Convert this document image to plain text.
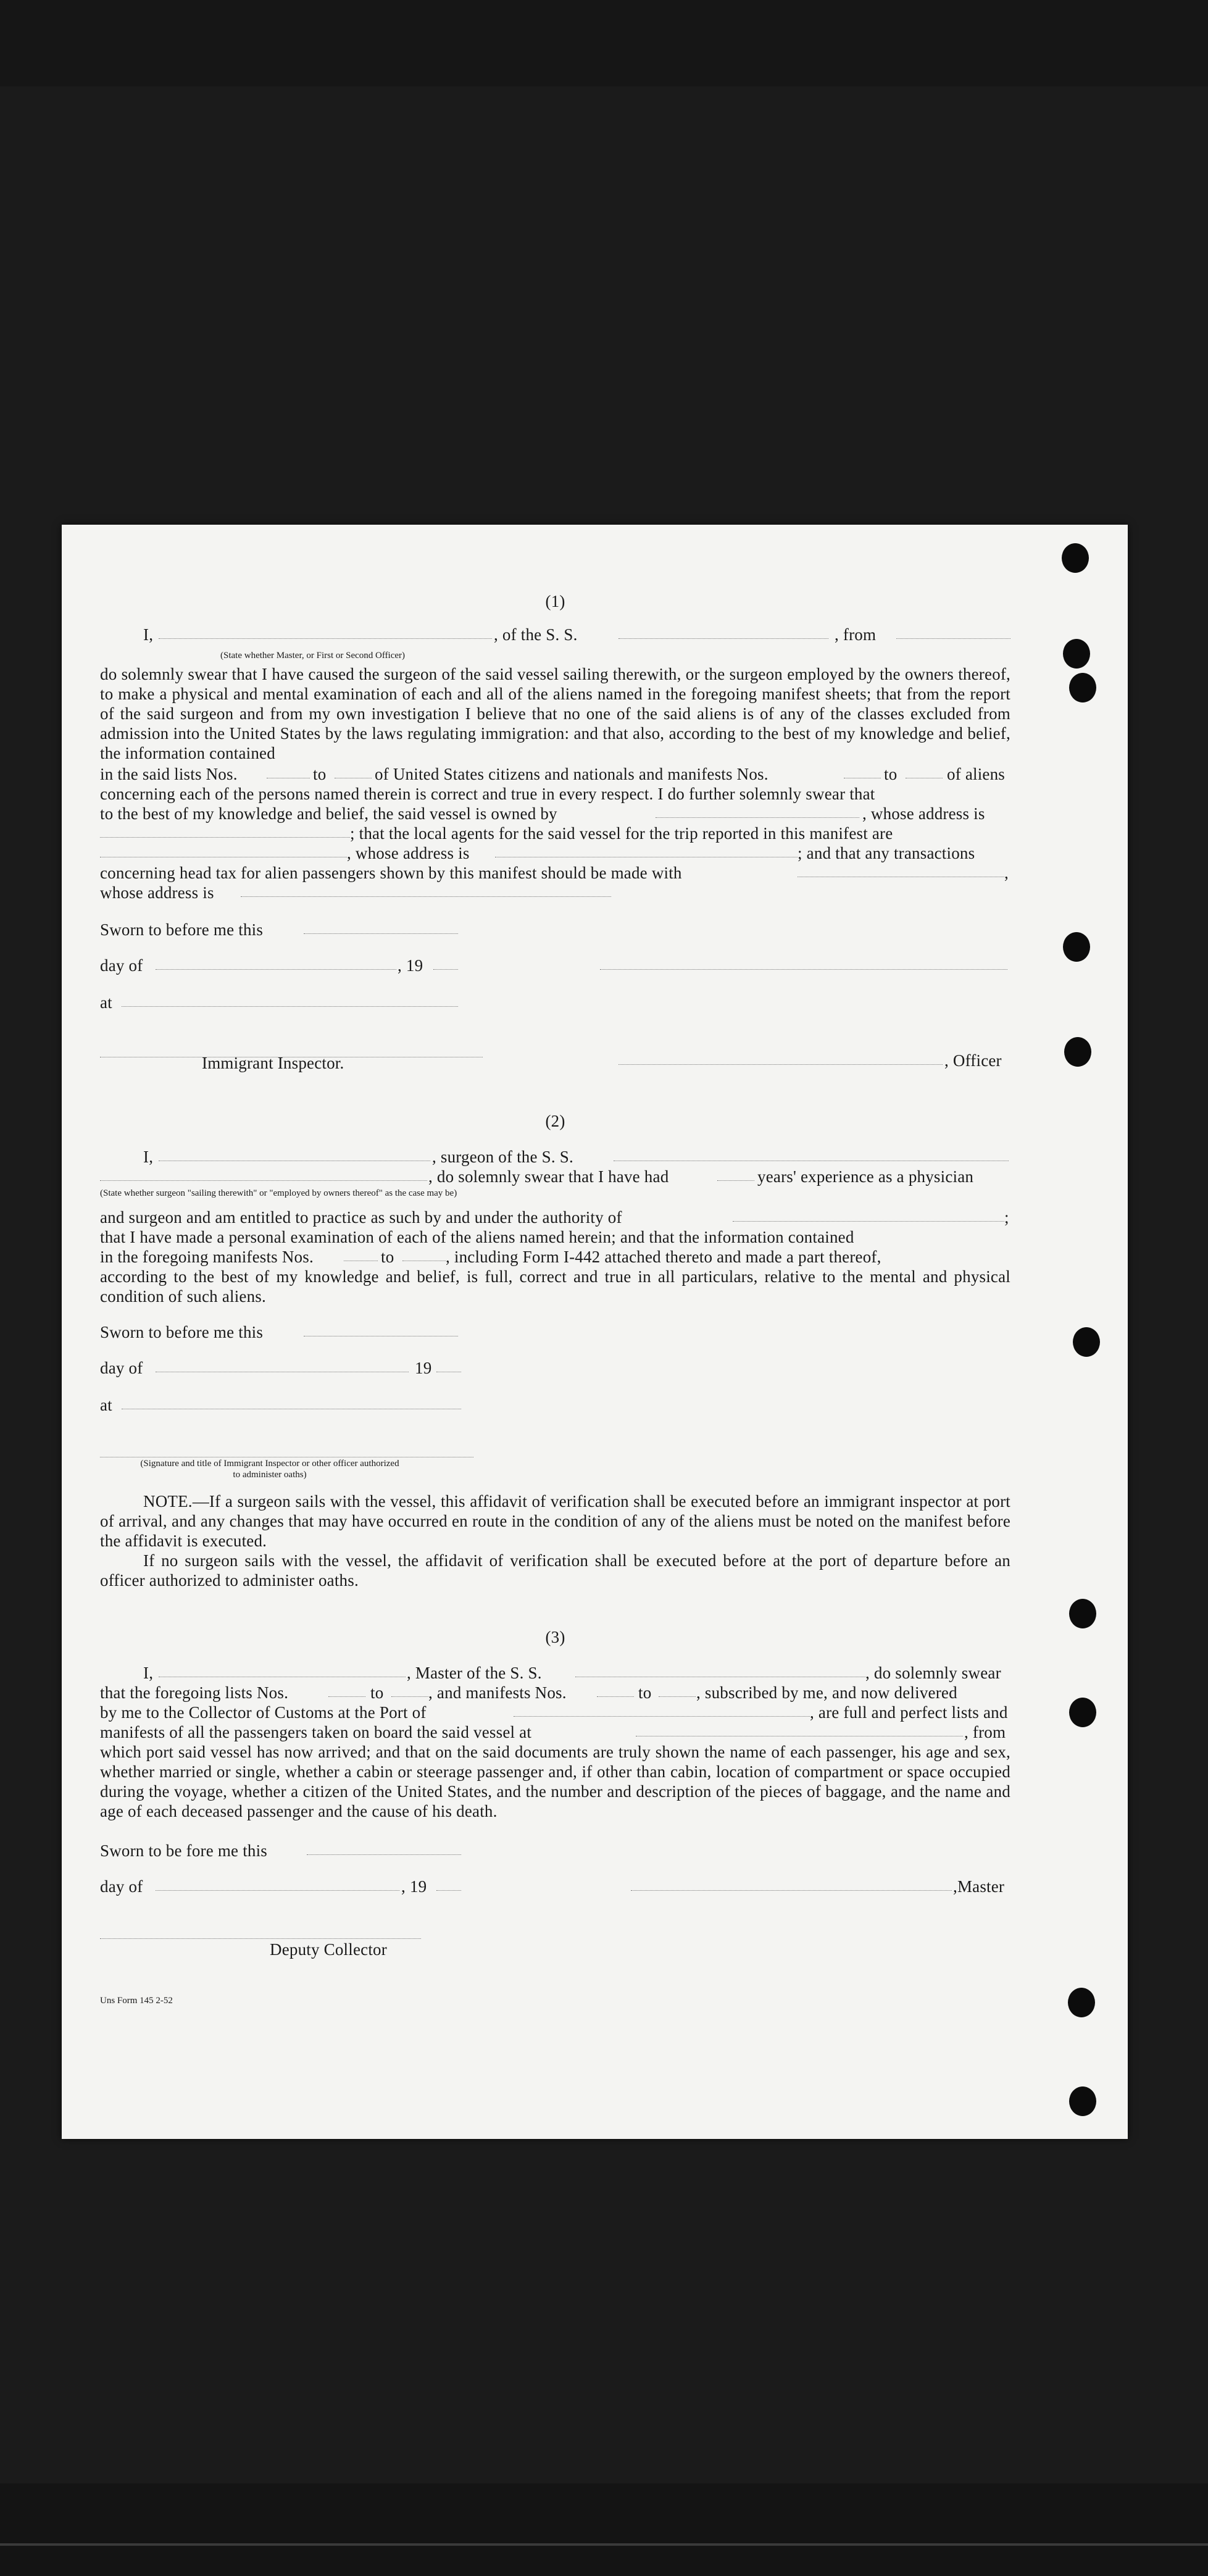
(1)
I,	, of the S. S.	, from
(State whether Master, or First or Second Officer)
do solemnly swear that I have caused the surgeon of the said vessel sailing therewith, or the surgeon employed by the owners thereof, to make a physical and mental examination of each and all of the aliens named in the foregoing manifest sheets; that from the report of the said surgeon and from my own investigation I believe that no one of the said aliens is of any of the classes excluded from admission into the United States by the laws regulating immigration: and that also, according to the best of my knowledge and belief, the information contained
in the said lists Nos.	to	of United States citizens and nationals and manifests Nos.	to	of aliens
concerning each of the persons named therein is correct and true in every respect. I do further solemnly swear that
to the best of my knowledge and belief, the said vessel is owned by	, whose address is
; that the local agents for the said vessel for the trip reported in this manifest are
, whose address is	; and that any transactions
concerning head tax for alien passengers shown by this manifest should be made with	,
whose address is
Sworn to before me this
day of	, 19
at
Immigrant Inspector.	, Officer
(2)
I,	, surgeon of the S. S.
, do solemnly swear that I have had	years' experience as a physician
(State whether surgeon "sailing therewith" or "employed by owners thereof" as the case may be)
and surgeon and am entitled to practice as such by and under the authority of	;
that I have made a personal examination of each of the aliens named herein; and that the information contained
in the foregoing manifests Nos.	to	, including Form I-442 attached thereto and made a part thereof,
according to the best of my knowledge and belief, is full, correct and true in all particulars, relative to the mental and physical condition of such aliens.
Sworn to before me this
day of	19
at
(Signature and title of Immigrant Inspector or other officer authorized to administer oaths)
NOTE.—If a surgeon sails with the vessel, this affidavit of verification shall be executed before an immigrant inspector at port of arrival, and any changes that may have occurred en route in the condition of any of the aliens must be noted on the manifest before the affidavit is executed.
If no surgeon sails with the vessel, the affidavit of verification shall be executed before at the port of departure before an officer authorized to administer oaths.
(3)
I,	, Master of the S. S.	, do solemnly swear
that the foregoing lists Nos.	to	, and manifests Nos.	to	, subscribed by me, and now delivered
by me to the Collector of Customs at the Port of	, are full and perfect lists and
manifests of all the passengers taken on board the said vessel at	, from
which port said vessel has now arrived; and that on the said documents are truly shown the name of each passenger, his age and sex, whether married or single, whether a cabin or steerage passenger and, if other than cabin, location of compartment or space occupied during the voyage, whether a citizen of the United States, and the number and description of the pieces of baggage, and the name and age of each deceased passenger and the cause of his death.
Sworn to be fore me this
day of	, 19	,Master
Deputy Collector
Uns Form 145 2-52
